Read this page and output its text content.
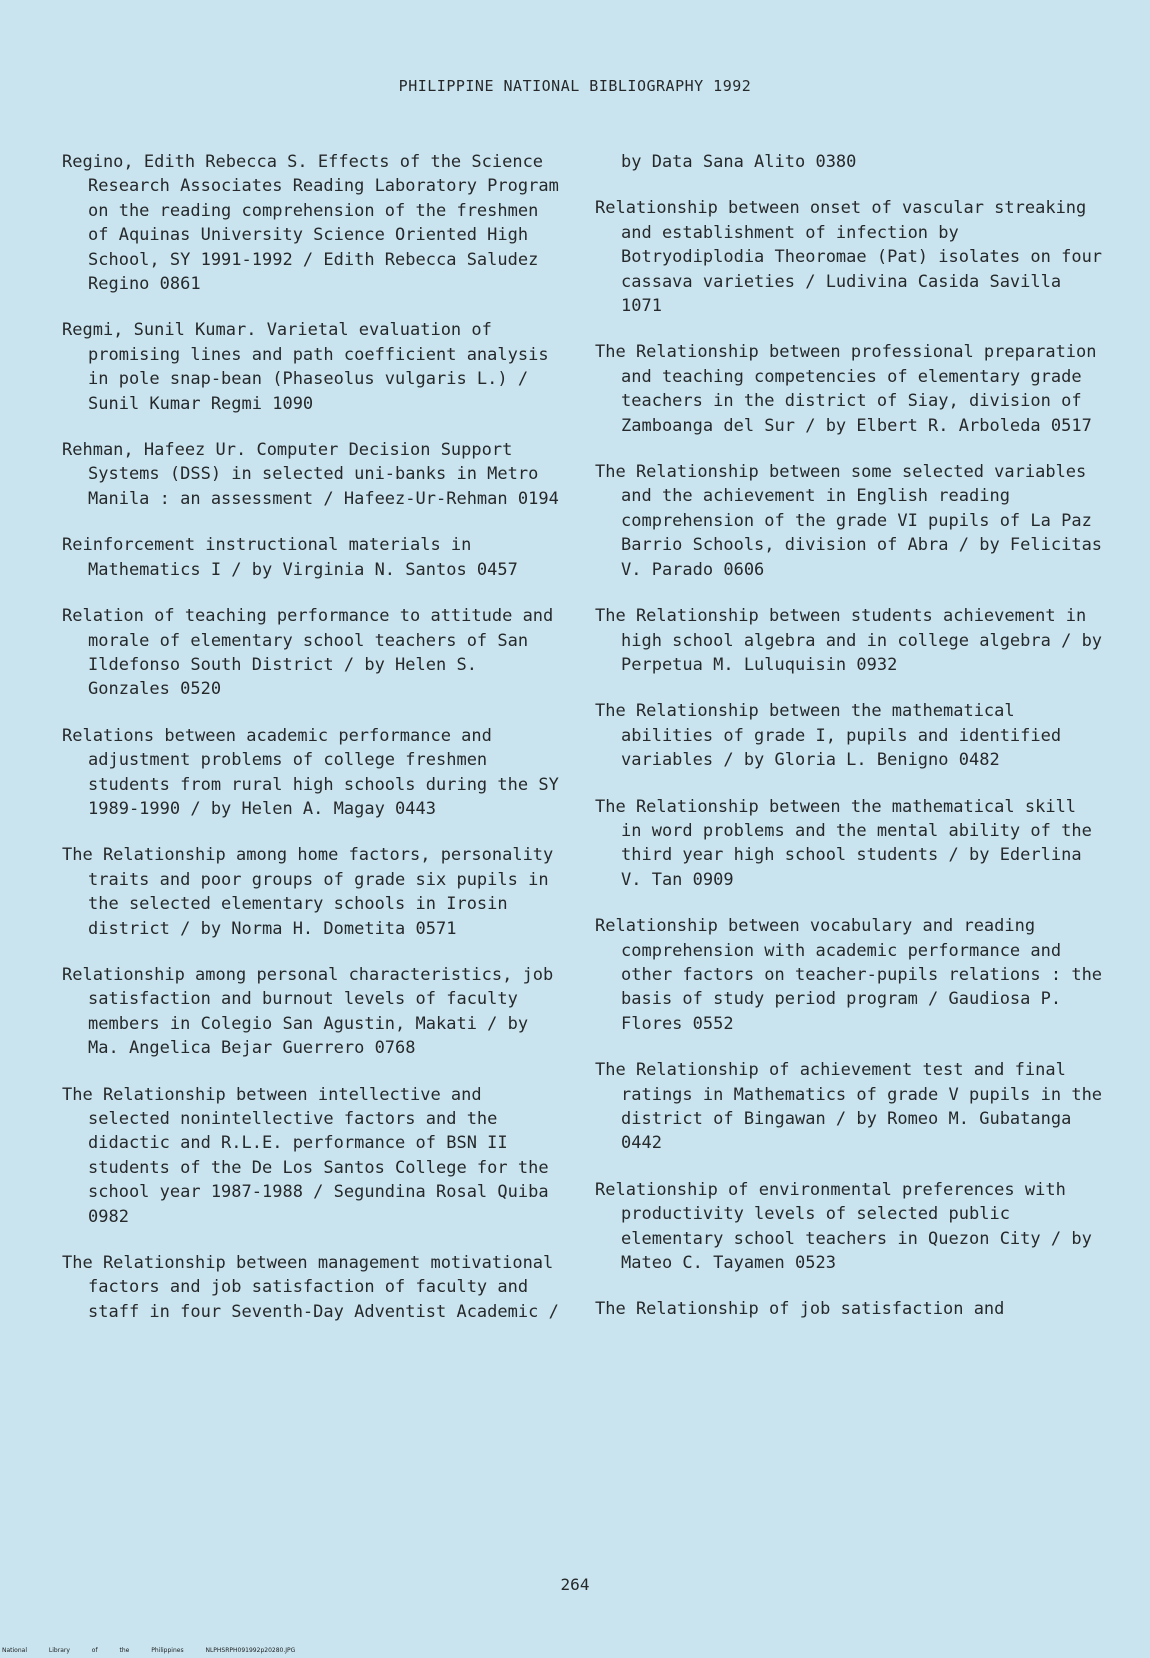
PHILIPPINE NATIONAL BIBLIOGRAPHY 1992
Regino, Edith Rebecca S. Effects of the Science Research Associates Reading Laboratory Program on the reading comprehension of the freshmen of Aquinas University Science Oriented High School, SY 1991-1992 / Edith Rebecca Saludez Regino 0861
Regmi, Sunil Kumar. Varietal evaluation of promising lines and path coefficient analysis in pole snap-bean (Phaseolus vulgaris L.) / Sunil Kumar Regmi 1090
Rehman, Hafeez Ur. Computer Decision Support Systems (DSS) in selected uni-banks in Metro Manila : an assessment / Hafeez-Ur-Rehman 0194
Reinforcement instructional materials in Mathematics I / by Virginia N. Santos 0457
Relation of teaching performance to attitude and morale of elementary school teachers of San Ildefonso South District / by Helen S. Gonzales 0520
Relations between academic performance and adjustment problems of college freshmen students from rural high schools during the SY 1989-1990 / by Helen A. Magay 0443
The Relationship among home factors, personality traits and poor groups of grade six pupils in the selected elementary schools in Irosin district / by Norma H. Dometita 0571
Relationship among personal characteristics, job satisfaction and burnout levels of faculty members in Colegio San Agustin, Makati / by Ma. Angelica Bejar Guerrero 0768
The Relationship between intellective and selected nonintellective factors and the didactic and R.L.E. performance of BSN II students of the De Los Santos College for the school year 1987-1988 / Segundina Rosal Quiba 0982
The Relationship between management motivational factors and job satisfaction of faculty and staff in four Seventh-Day Adventist Academic /
by Data Sana Alito 0380
Relationship between onset of vascular streaking and establishment of infection by Botryodiplodia Theoromae (Pat) isolates on four cassava varieties / Ludivina Casida Savilla 1071
The Relationship between professional preparation and teaching competencies of elementary grade teachers in the district of Siay, division of Zamboanga del Sur / by Elbert R. Arboleda 0517
The Relationship between some selected variables and the achievement in English reading comprehension of the grade VI pupils of La Paz Barrio Schools, division of Abra / by Felicitas V. Parado 0606
The Relationship between students achievement in high school algebra and in college algebra / by Perpetua M. Luluquisin 0932
The Relationship between the mathematical abilities of grade I, pupils and identified variables / by Gloria L. Benigno 0482
The Relationship between the mathematical skill in word problems and the mental ability of the third year high school students / by Ederlina V. Tan 0909
Relationship between vocabulary and reading comprehension with academic performance and other factors on teacher-pupils relations : the basis of study period program / Gaudiosa P. Flores 0552
The Relationship of achievement test and final ratings in Mathematics of grade V pupils in the district of Bingawan / by Romeo M. Gubatanga 0442
Relationship of environmental preferences with productivity levels of selected public elementary school teachers in Quezon City / by Mateo C. Tayamen 0523
The Relationship of job satisfaction and
264
National Library of the Philippines NLPHSRPH091992p20280.JPG
